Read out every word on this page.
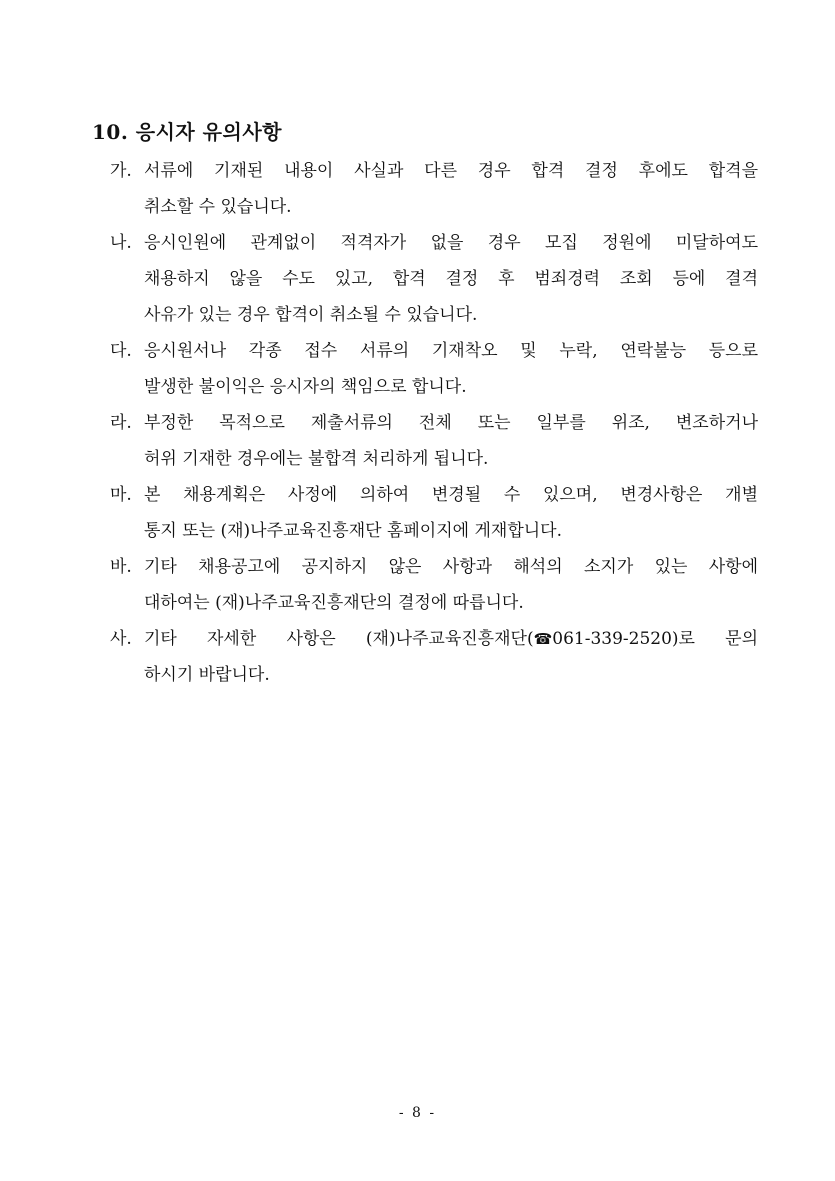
10. 응시자 유의사항
가. 서류에 기재된 내용이 사실과 다른 경우 합격 결정 후에도 합격을
취소할 수 있습니다.
나. 응시인원에 관계없이 적격자가 없을 경우 모집 정원에 미달하여도
채용하지 않을 수도 있고, 합격 결정 후 범죄경력 조회 등에 결격
사유가 있는 경우 합격이 취소될 수 있습니다.
다. 응시원서나 각종 접수 서류의 기재착오 및 누락, 연락불능 등으로
발생한 불이익은 응시자의 책임으로 합니다.
라. 부정한 목적으로 제출서류의 전체 또는 일부를 위조, 변조하거나
허위 기재한 경우에는 불합격 처리하게 됩니다.
마. 본 채용계획은 사정에 의하여 변경될 수 있으며, 변경사항은 개별
통지 또는 (재)나주교육진흥재단 홈페이지에 게재합니다.
바. 기타 채용공고에 공지하지 않은 사항과 해석의 소지가 있는 사항에
대하여는 (재)나주교육진흥재단의 결정에 따릅니다.
사. 기타 자세한 사항은 (재)나주교육진흥재단(☎061-339-2520)로 문의
하시기 바랍니다.
- 8 -
